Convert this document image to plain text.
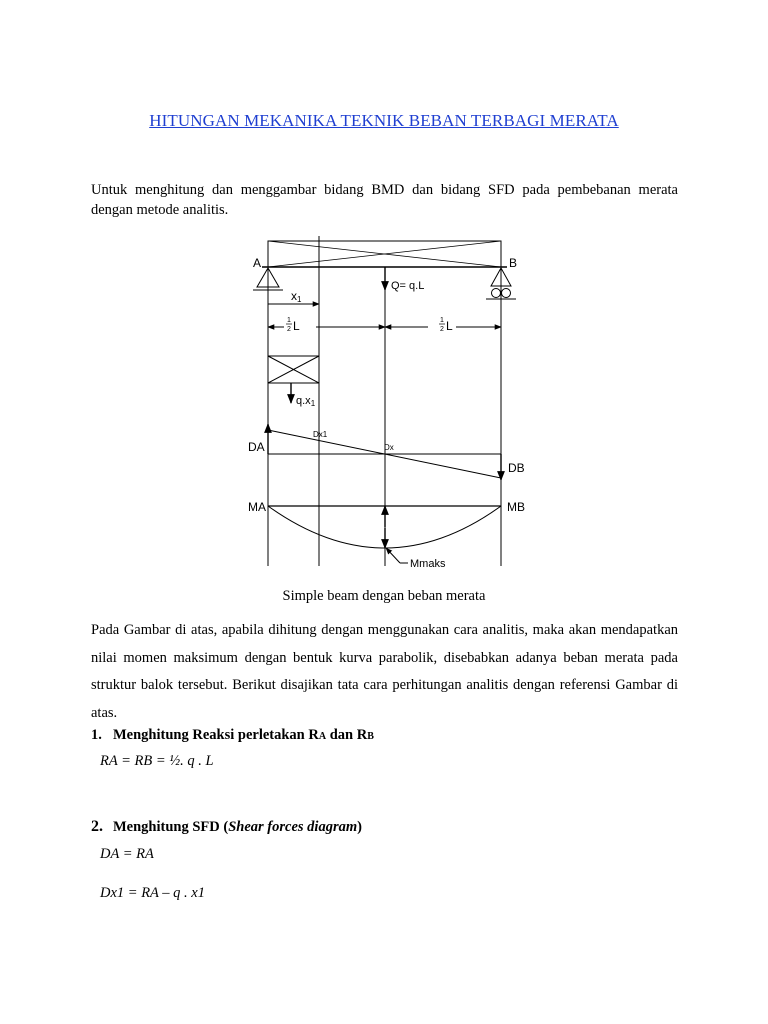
HITUNGAN MEKANIKA TEKNIK BEBAN TERBAGI MERATA
Untuk menghitung dan menggambar bidang BMD dan bidang SFD pada pembebanan merata dengan metode analitis.
A	B
Q= q.L
x1
1
2 L	1
2 L
q.x1
DA
Dx1
Dx
DB
MA	MB
Mmaks
Simple beam dengan beban merata
Pada Gambar di atas, apabila dihitung dengan menggunakan cara analitis, maka akan mendapatkan nilai momen maksimum dengan bentuk kurva parabolik, disebabkan adanya beban merata pada struktur balok tersebut. Berikut disajikan tata cara perhitungan analitis dengan referensi Gambar di atas.
1. Menghitung Reaksi perletakan RA dan RB
RA = RB = ½. q . L
2. Menghitung SFD (Shear forces diagram)
DA = RA
Dx1 = RA – q . x1
